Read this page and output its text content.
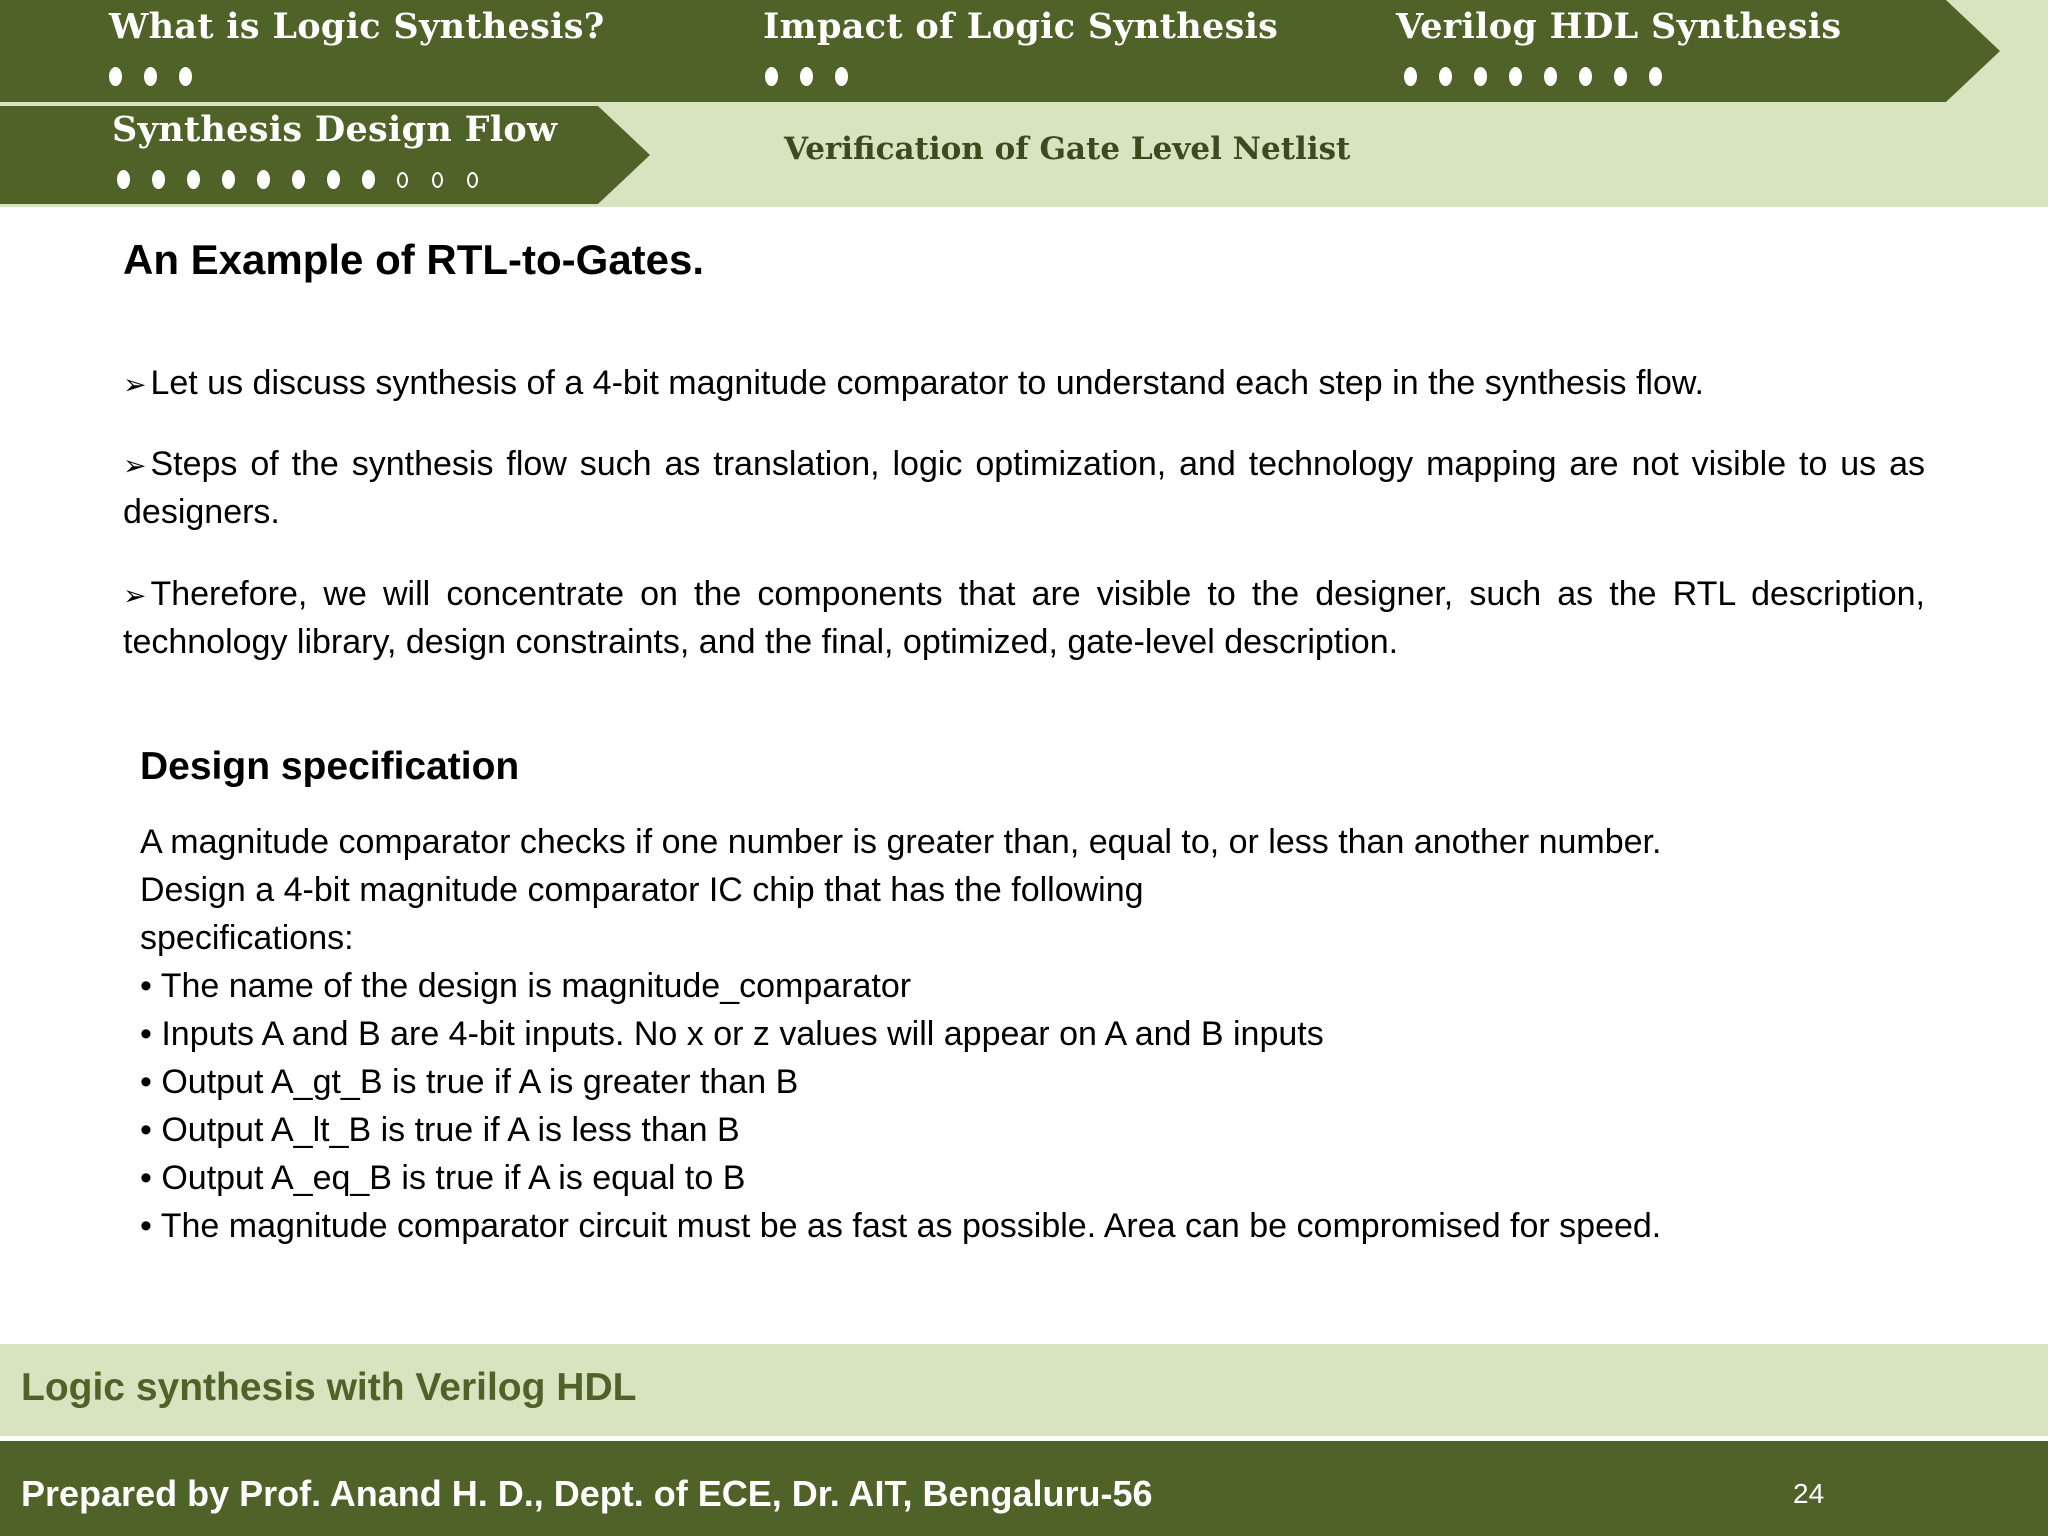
What is Logic Synthesis?	Impact of Logic Synthesis	Verilog HDL Synthesis
Synthesis Design Flow	Verification of Gate Level Netlist
An Example of RTL-to-Gates.
➢ Let us discuss synthesis of a 4-bit magnitude comparator to understand each step in the synthesis flow.
➢ Steps of the synthesis flow such as translation, logic optimization, and technology mapping are not visible to us as designers.
➢ Therefore, we will concentrate on the components that are visible to the designer, such as the RTL description, technology library, design constraints, and the final, optimized, gate-level description.
Design specification
A magnitude comparator checks if one number is greater than, equal to, or less than another number.
Design a 4-bit magnitude comparator IC chip that has the following
specifications:
• The name of the design is magnitude_comparator
• Inputs A and B are 4-bit inputs. No x or z values will appear on A and B inputs
• Output A_gt_B is true if A is greater than B
• Output A_lt_B is true if A is less than B
• Output A_eq_B is true if A is equal to B
• The magnitude comparator circuit must be as fast as possible. Area can be compromised for speed.
Logic synthesis with Verilog HDL
Prepared by Prof. Anand H. D., Dept. of ECE, Dr. AIT, Bengaluru-56	24
